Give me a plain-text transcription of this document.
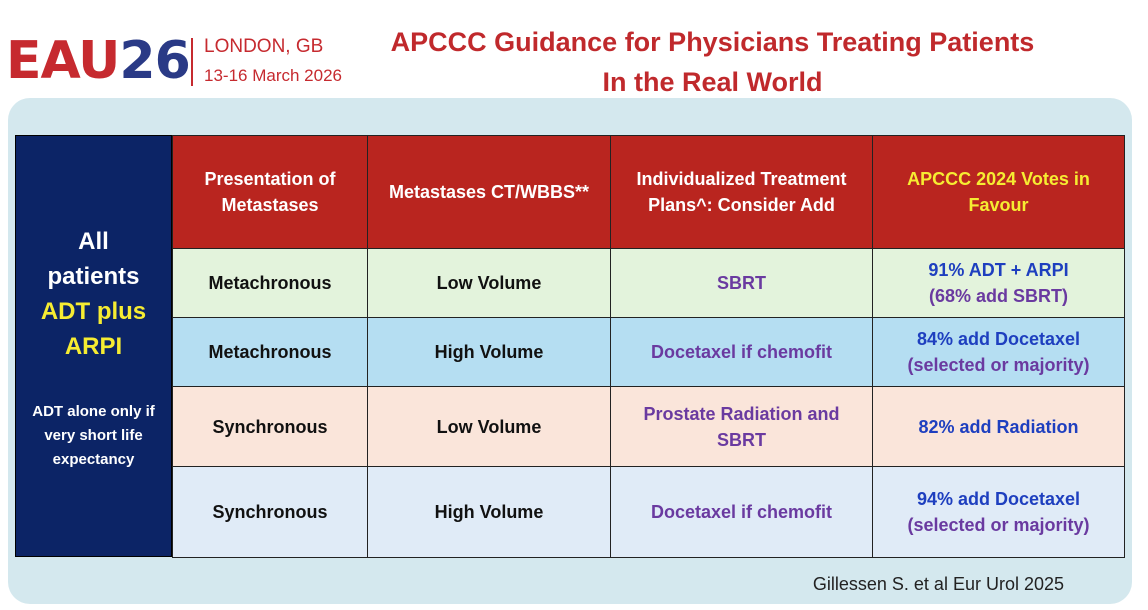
EAU26 LONDON, GB
13-16 March 2026
APCCC Guidance for Physicians Treating Patients
In the Real World
All
patients
ADT plus
ARPI
ADT alone only if very short life expectancy
Presentation of Metastases	Metastases CT/WBBS**	Individualized Treatment Plans^: Consider Add	APCCC 2024 Votes in Favour
Metachronous	Low Volume	SBRT	91% ADT + ARPI
(68% add SBRT)

Metachronous	High Volume	Docetaxel if chemofit	84% add Docetaxel
(selected or majority)

Synchronous	Low Volume	Prostate Radiation and SBRT	82% add Radiation

Synchronous	High Volume	Docetaxel if chemofit	94% add Docetaxel
(selected or majority)
Gillessen S. et al Eur Urol 2025
